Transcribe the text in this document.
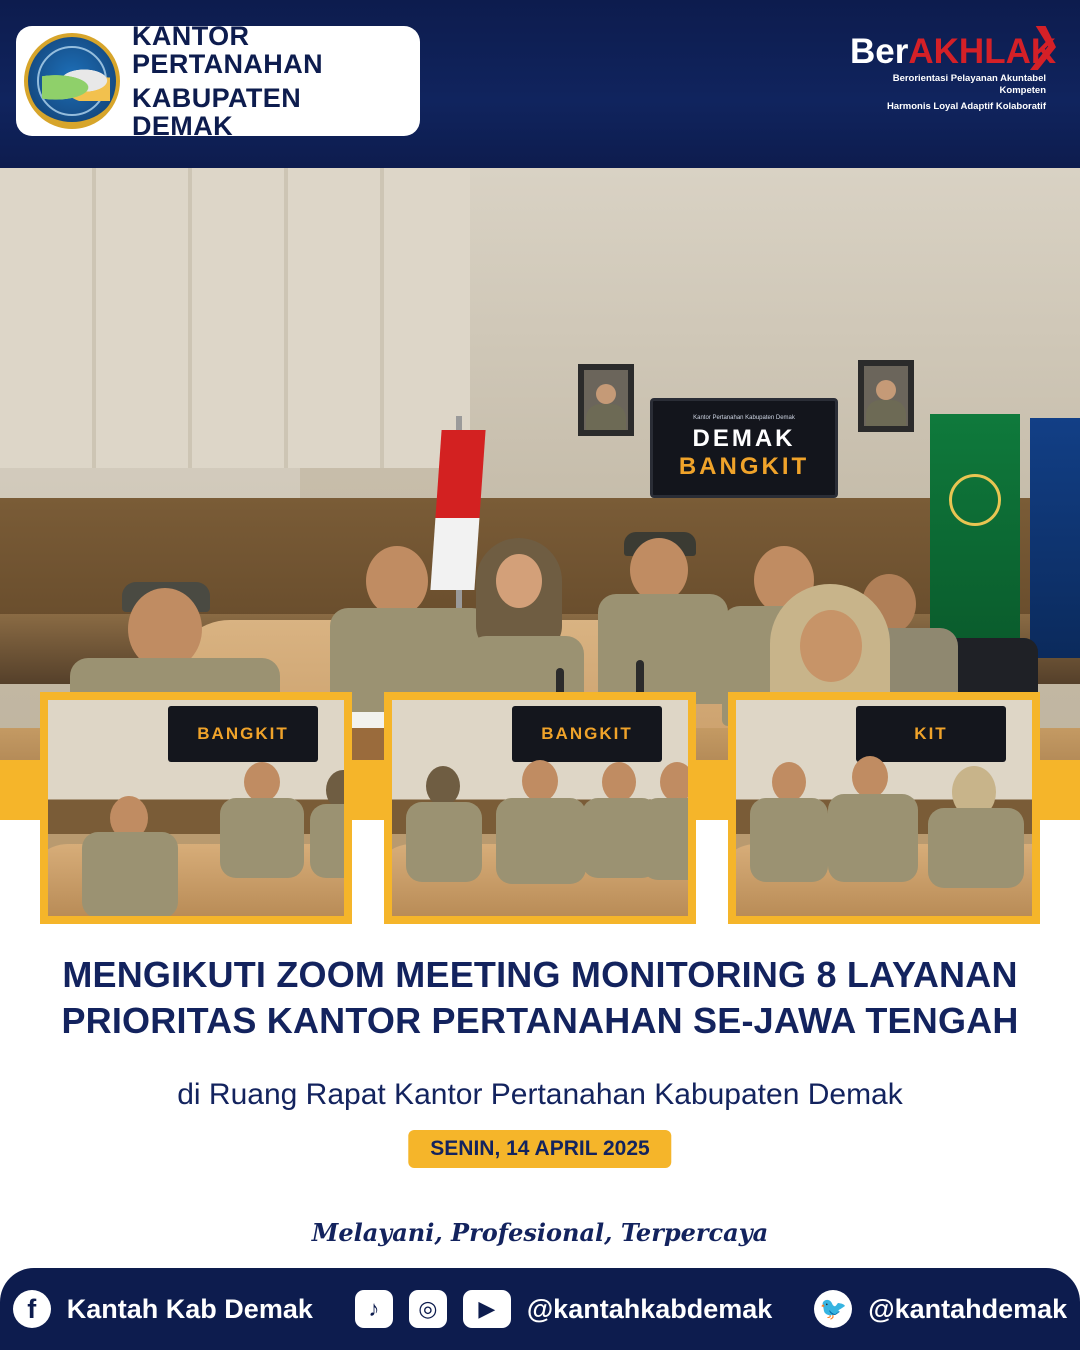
KANTOR PERTANAHAN
KABUPATEN DEMAK
BerAKHLAK
Berorientasi Pelayanan Akuntabel Kompeten
Harmonis Loyal Adaptif Kolaboratif
Kantor Pertanahan Kabupaten Demak
DEMAK
BANGKIT
BANGKIT	BANGKIT	KIT
MENGIKUTI ZOOM MEETING MONITORING 8 LAYANAN
PRIORITAS KANTOR PERTANAHAN SE-JAWA TENGAH
di Ruang Rapat Kantor Pertanahan Kabupaten Demak
SENIN, 14 APRIL 2025
Melayani, Profesional, Terpercaya
f	Kantah Kab Demak	♪	◎	▶	@kantahkabdemak 🐦 @kantahdemak
